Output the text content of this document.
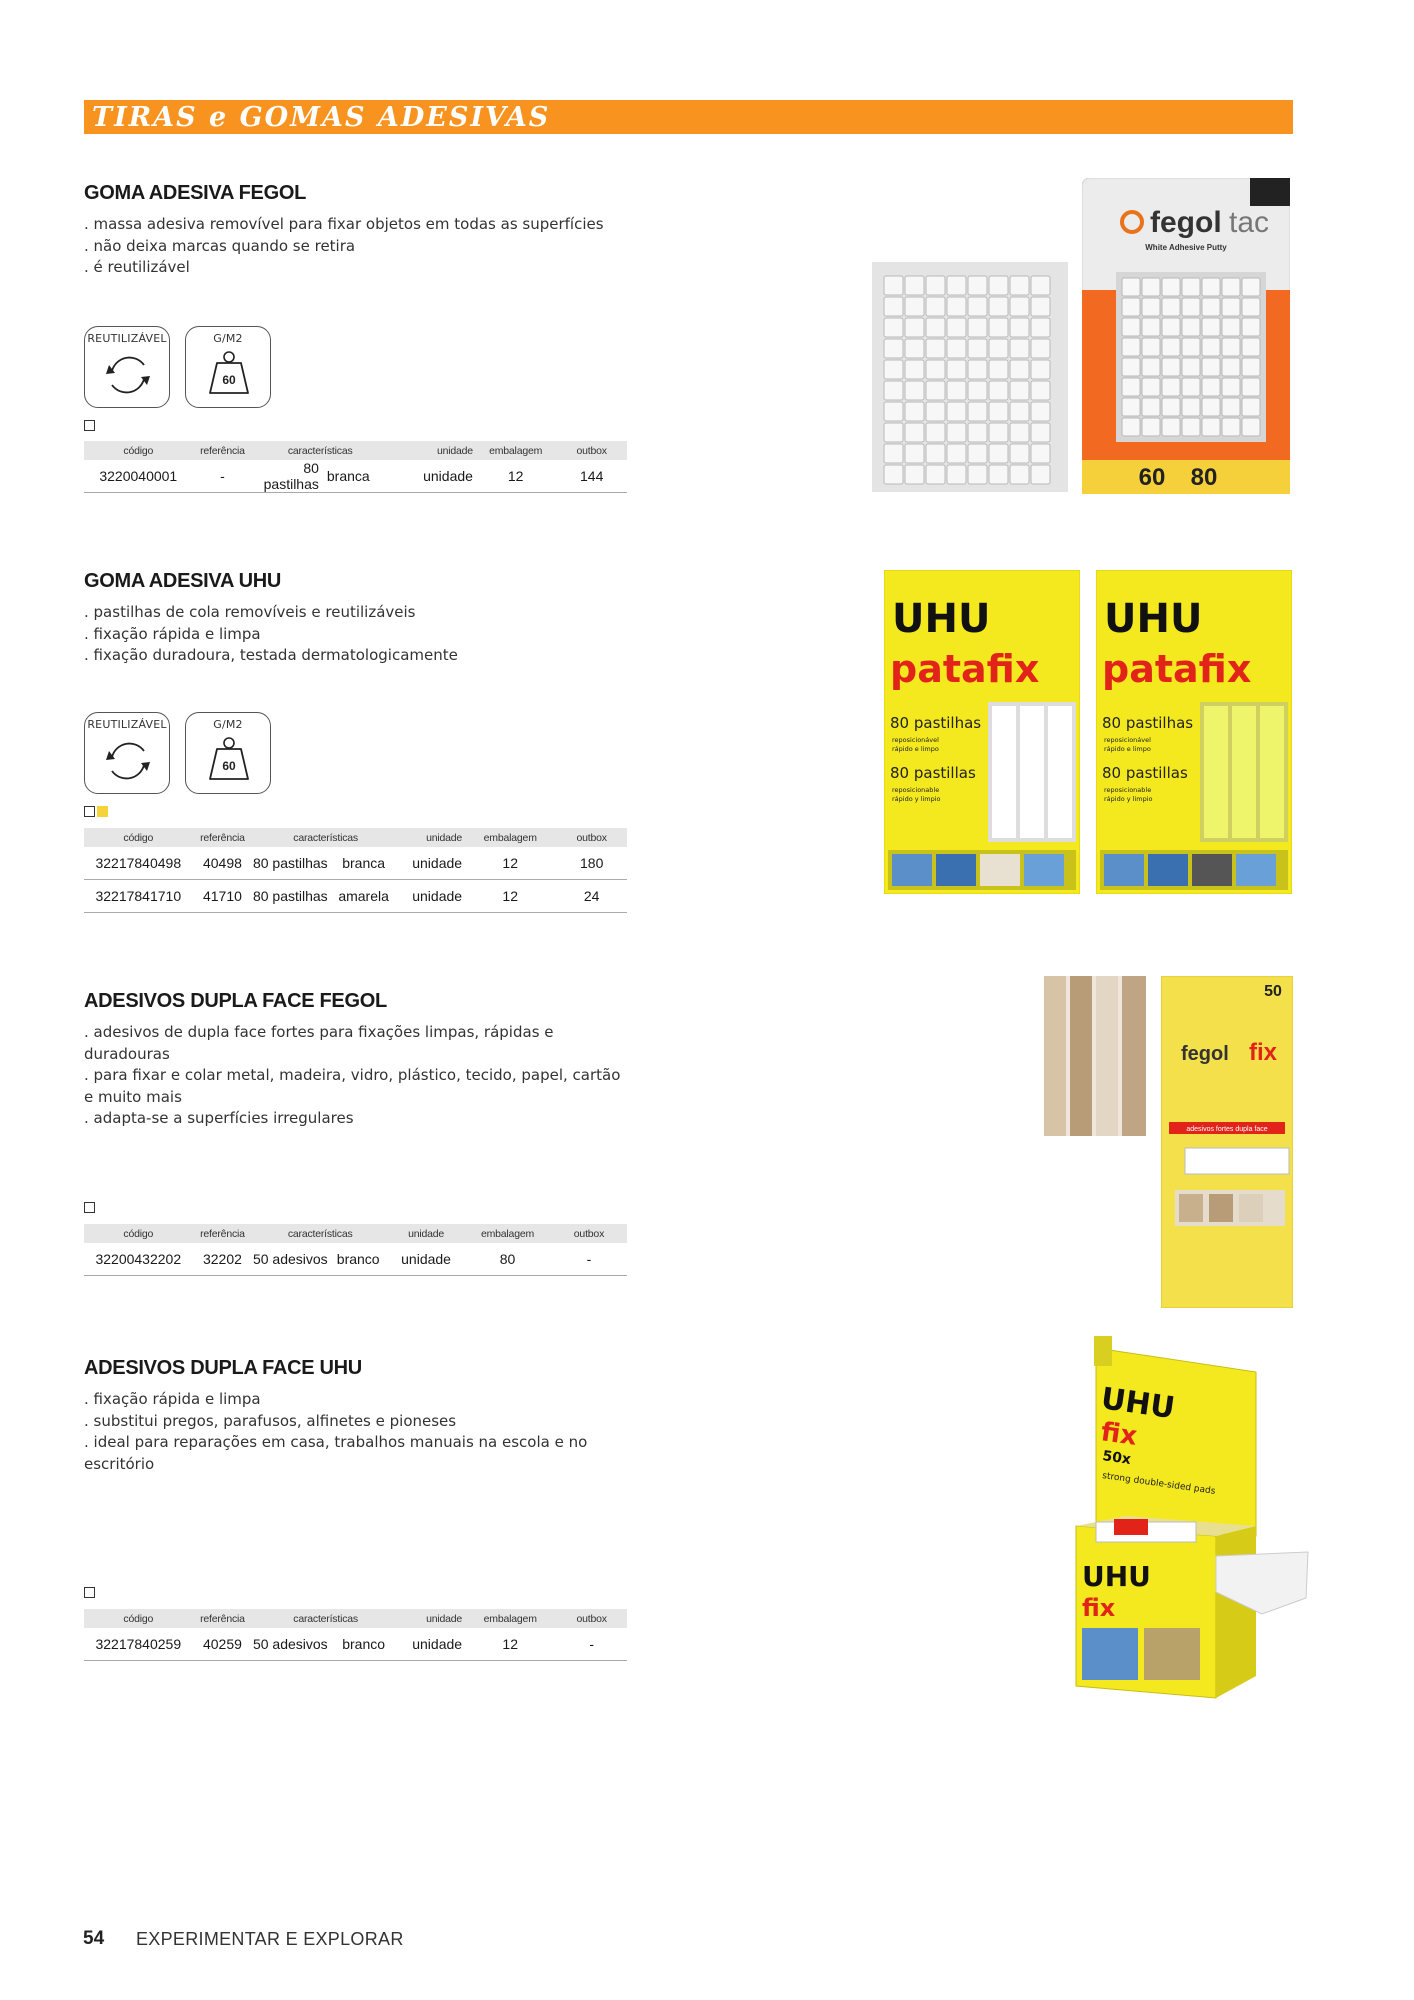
TIRAS e GOMAS ADESIVAS
GOMA ADESIVA FEGOL
. massa adesiva removível para fixar objetos em todas as superfícies
. não deixa marcas quando se retira
. é reutilizável
REUTILIZÁVEL	G/M2
60
código	referência	características		unidade	embalagem	outbox
3220040001	-	80 pastilhas	branca	unidade	12	144
GOMA ADESIVA UHU
. pastilhas de cola removíveis e reutilizáveis
. fixação rápida e limpa
. fixação duradoura, testada dermatologicamente
REUTILIZÁVEL	G/M2
60
código	referência	características		unidade	embalagem	outbox
32217840498	40498	80 pastilhas	branca	unidade	12	180
32217841710	41710	80 pastilhas	amarela	unidade	12	24
ADESIVOS DUPLA FACE FEGOL
. adesivos de dupla face fortes para fixações limpas, rápidas e duradouras
. para fixar e colar metal, madeira, vidro, plástico, tecido, papel, cartão e muito mais
. adapta-se a superfícies irregulares
código	referência	características		unidade	embalagem	outbox
32200432202	32202	50 adesivos	branco	unidade	80	-
ADESIVOS DUPLA FACE UHU
. fixação rápida e limpa
. substitui pregos, parafusos, alfinetes e pioneses
. ideal para reparações em casa, trabalhos manuais na escola e no escritório
código	referência	características		unidade	embalagem	outbox
32217840259	40259	50 adesivos	branco	unidade	12	-
fegol tac
White Adhesive Putty
60 80
UHU
patafix
80 pastilhas
reposicionável
rápido e limpo
80 pastillas
reposicionable
rápido y limpio
UHU
patafix
80 pastilhas
reposicionável
rápido e limpo
80 pastillas
reposicionable
rápido y limpio
50
fegol fix
adesivos fortes dupla face
UHU
fix
50x
strong double-sided pads
UHU
fix
54 EXPERIMENTAR E EXPLORAR
